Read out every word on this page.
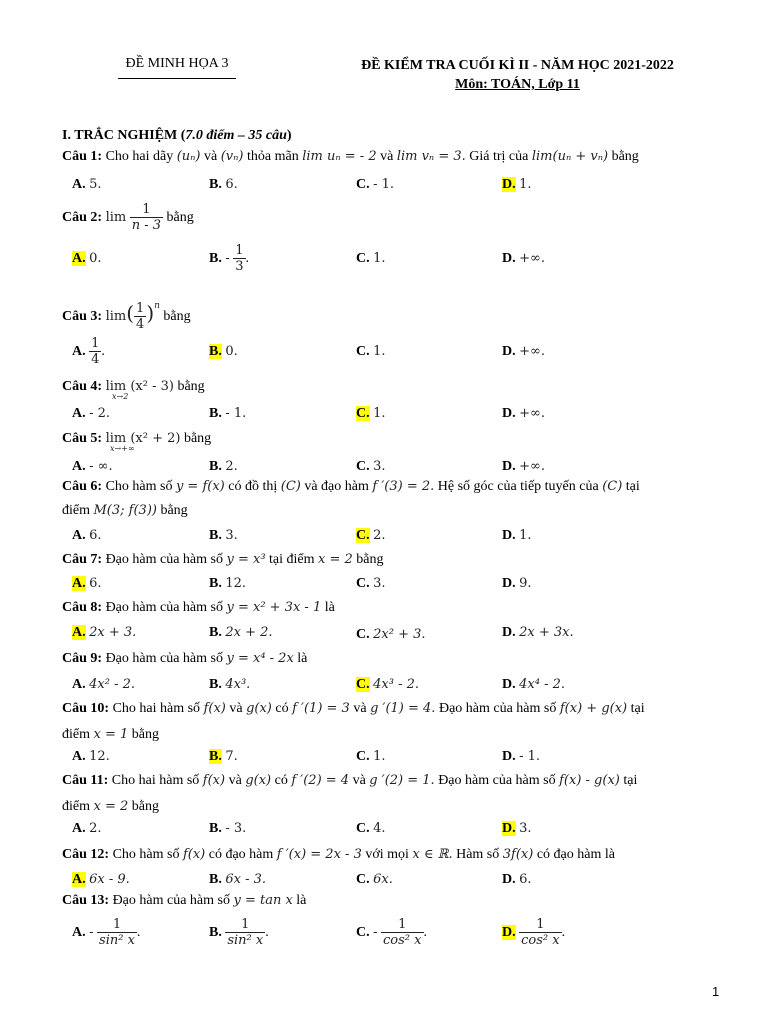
ĐỀ MINH HỌA 3	ĐỀ KIỂM TRA CUỐI KÌ II - NĂM HỌC 2021-2022
Môn: TOÁN, Lớp 11
I. TRẮC NGHIỆM (7.0 điểm – 35 câu)
Câu 1: Cho hai dãy (uₙ) và (vₙ) thỏa mãn lim uₙ = - 2 và lim vₙ = 3. Giá trị của lim(uₙ + vₙ) bằng
A. 5.	B. 6.	C. - 1.	D. 1.
Câu 2: $\lim \frac{1}{n - 3}$ bằng
A. 0.	B. - $\frac{1}{3}$ .	C. 1.	D. +∞.
Câu 3: $\lim( \frac{1}{4} )^n$ bằng
A. $\frac{1}{4}$ .	B. 0.	C. 1.	D. +∞.
Câu 4: lim (x² - 3) bằng
x→2
A. - 2.	B. - 1.	C. 1.	D. +∞.
Câu 5: lim (x² + 2) bằng
x→+∞
A. - ∞.	B. 2.	C. 3.	D. +∞.
Câu 6: Cho hàm số y = f(x) có đồ thị (C) và đạo hàm f ′(3) = 2. Hệ số góc của tiếp tuyến của (C) tại
điểm M(3; f(3)) bằng
A. 6.	B. 3.	C. 2.	D. 1.
Câu 7: Đạo hàm của hàm số y = x³ tại điểm x = 2 bằng
A. 6.	B. 12.	C. 3.	D. 9.
Câu 8: Đạo hàm của hàm số y = x² + 3x - 1 là
A. 2x + 3.	B. 2x + 2.	C. 2x² + 3.	D. 2x + 3x.
Câu 9: Đạo hàm của hàm số y = x⁴ - 2x là
A. 4x² - 2.	B. 4x³.	C. 4x³ - 2.	D. 4x⁴ - 2.
Câu 10: Cho hai hàm số f(x) và g(x) có f ′(1) = 3 và g ′(1) = 4. Đạo hàm của hàm số f(x) + g(x) tại
điểm x = 1 bằng
A. 12.	B. 7.	C. 1.	D. - 1.
Câu 11: Cho hai hàm số f(x) và g(x) có f ′(2) = 4 và g ′(2) = 1. Đạo hàm của hàm số f(x) - g(x) tại
điểm x = 2 bằng
A. 2.	B. - 3.	C. 4.	D. 3.
Câu 12: Cho hàm số f(x) có đạo hàm f ′(x) = 2x - 3 với mọi x ∈ ℝ. Hàm số 3f(x) có đạo hàm là
A. 6x - 9.	B. 6x - 3.	C. 6x.	D. 6.
Câu 13: Đạo hàm của hàm số y = tan x là
A. - $\frac{1}{\text{sin² x}}$ .	B. $\frac{1}{\text{sin² x}}$ .	C. - $\frac{1}{\text{cos² x}}$ .	D. $\frac{1}{\text{cos² x}}$ .
1
